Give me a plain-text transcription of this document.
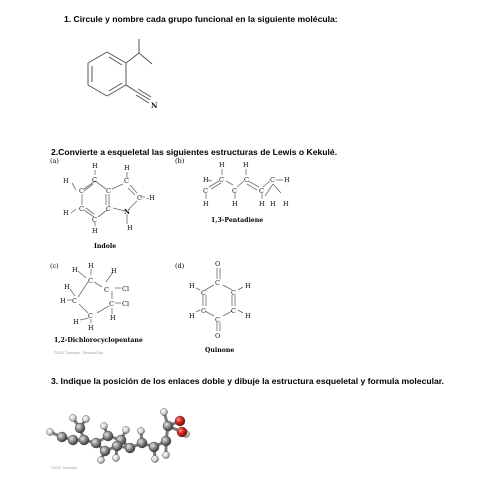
1. Circule y nombre cada grupo funcional en la siguiente molécula:
N
2.Convierte a esqueletal las siguientes estructuras de Lewis o Kekulé.
(a)
H
C
H
C
H
C	C
C –H
C	C N
H
C
H	H
Indole
(b)	H	H
H C	C	C H
C	C	C
H	H	H H H
1,3-Pentadiene
(c)	H
H	H
C
H	C Cl
C
H	C Cl
C	H
H
H
1,2-Dichlorocyclopentane
©2011 Thomson · Brooks/Cole
(d)	O
C
H	H
C	C
C	C
H	H
C
O
Quinone
3. Indique la posición de los enlaces doble y dibuje la estructura esqueletal y formula molecular.
©2011 Thomson
